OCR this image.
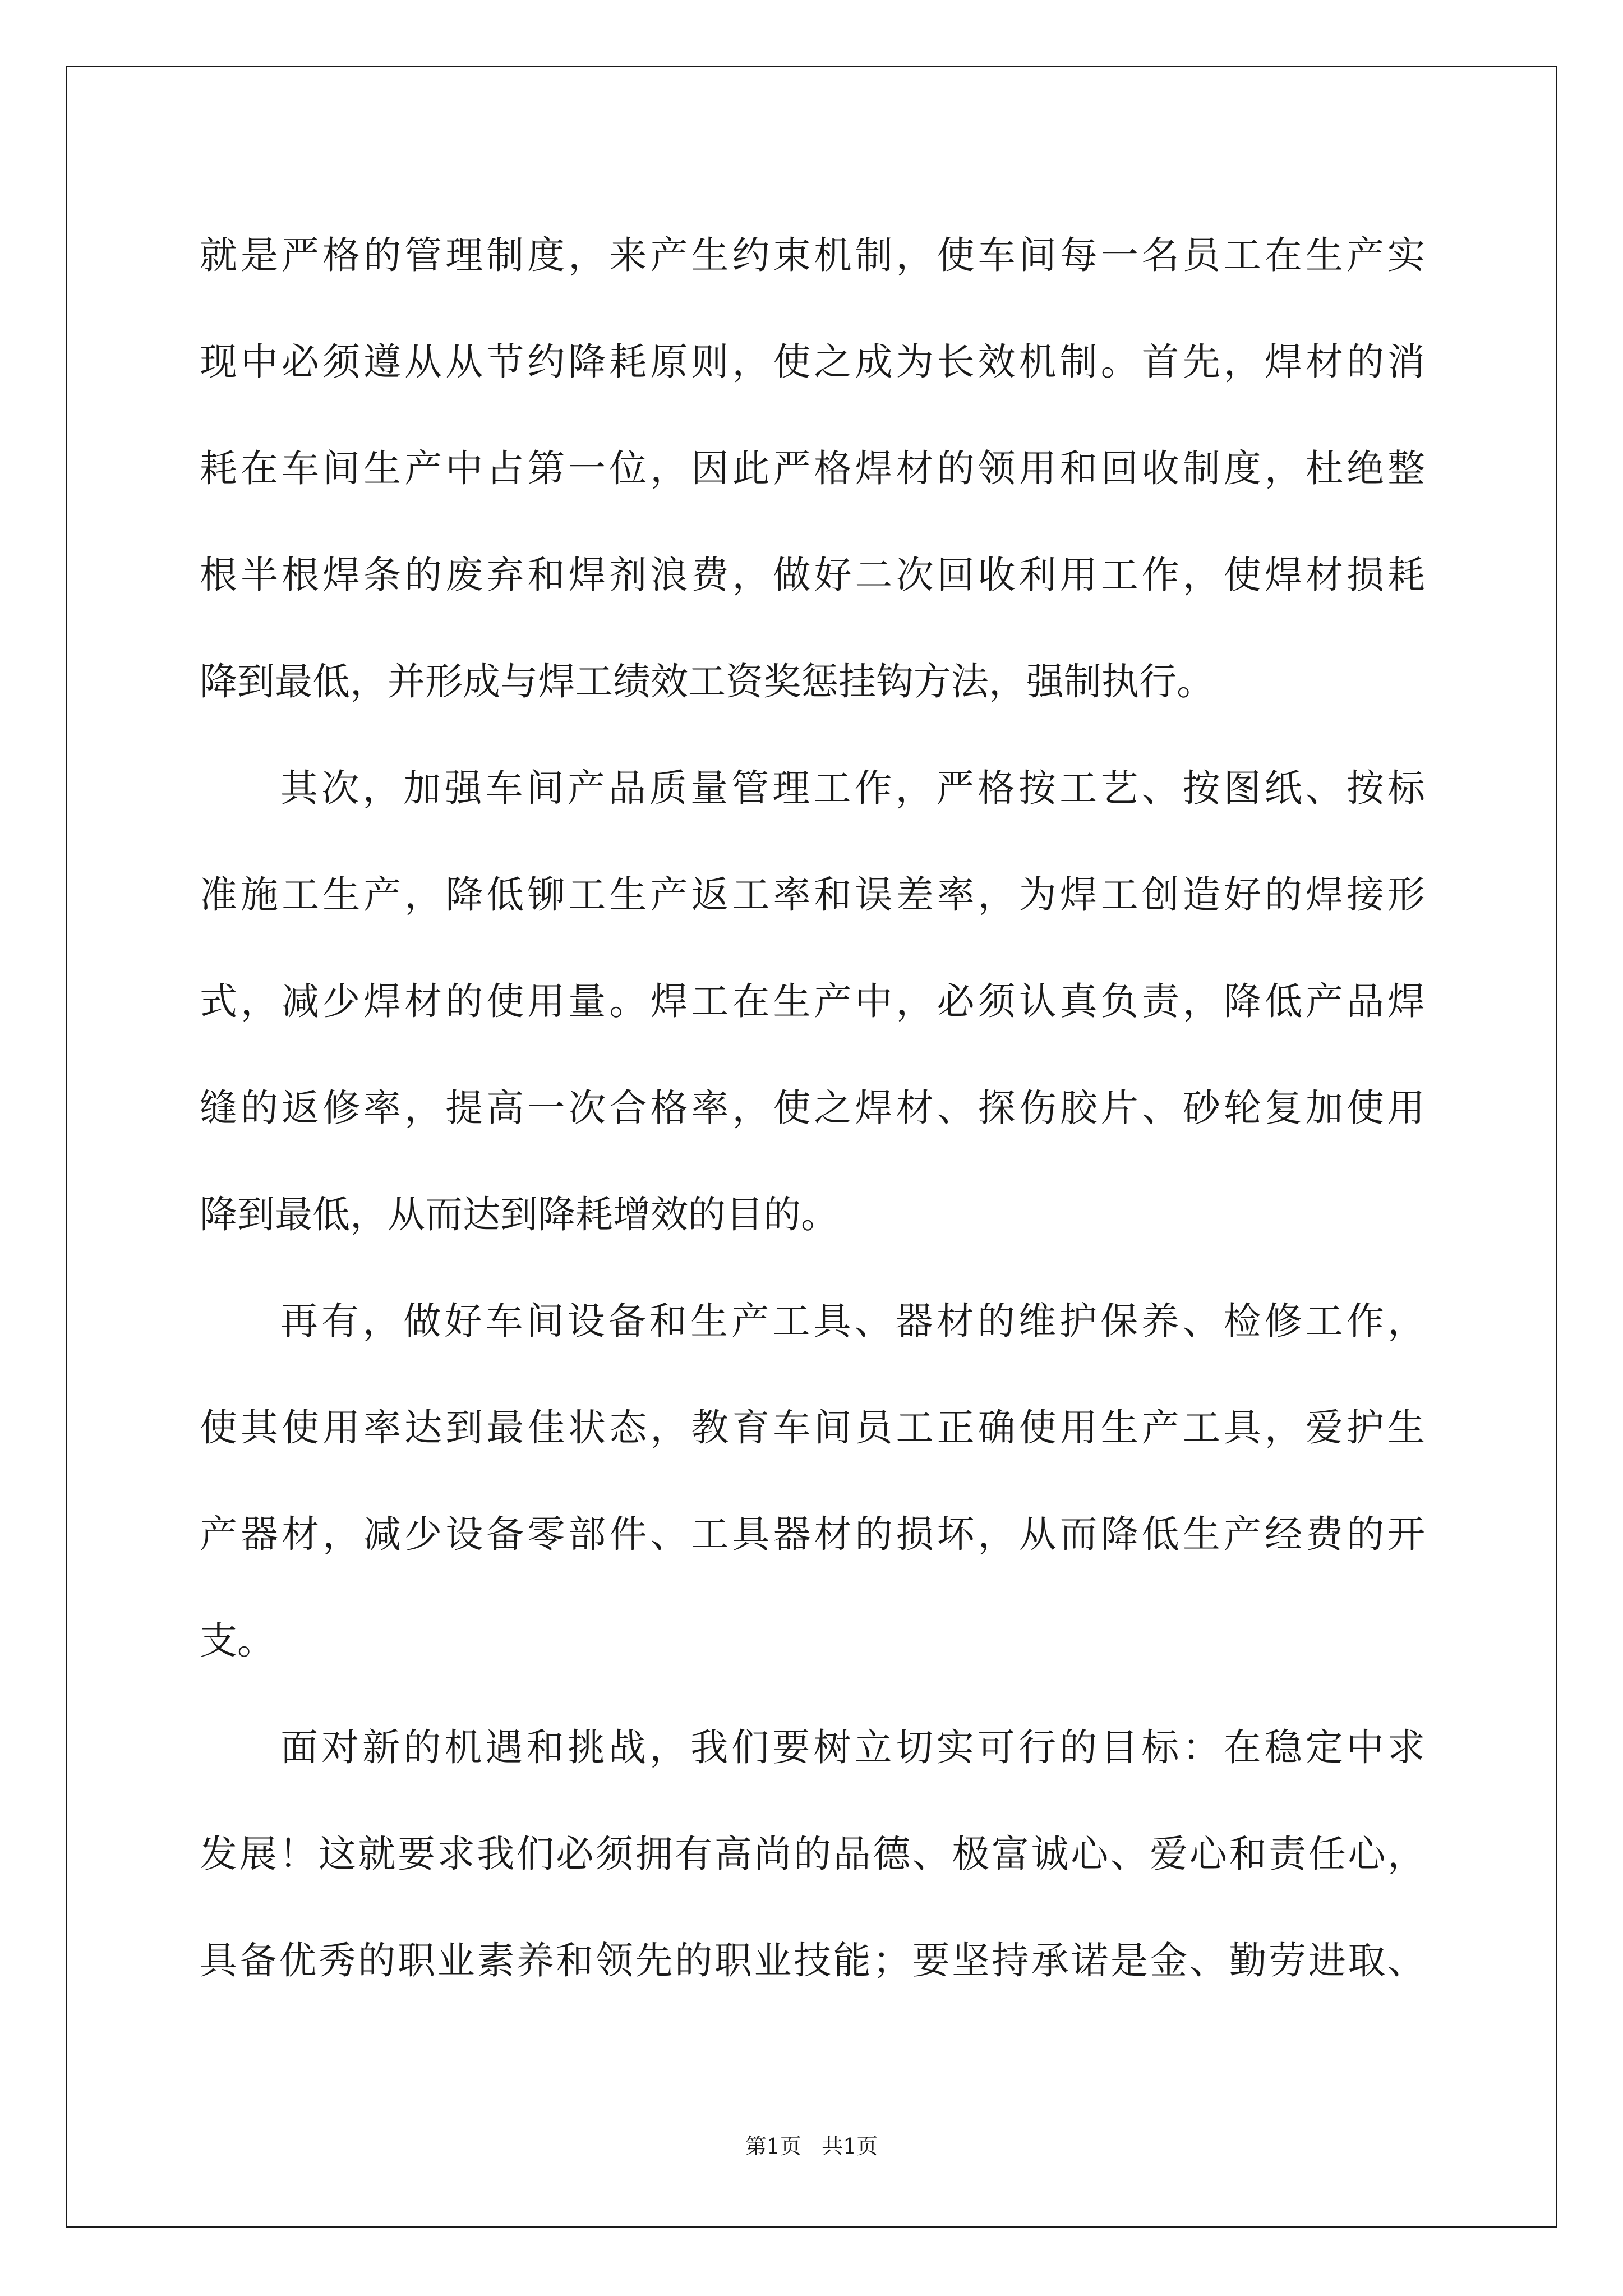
就是严格的管理制度，来产生约束机制，使车间每一名员工在生产实
现中必须遵从从节约降耗原则，使之成为长效机制。首先，焊材的消
耗在车间生产中占第一位，因此严格焊材的领用和回收制度，杜绝整
根半根焊条的废弃和焊剂浪费，做好二次回收利用工作，使焊材损耗
降到最低，并形成与焊工绩效工资奖惩挂钩方法，强制执行。
其次，加强车间产品质量管理工作，严格按工艺、按图纸、按标
准施工生产，降低铆工生产返工率和误差率，为焊工创造好的焊接形
式，减少焊材的使用量。焊工在生产中，必须认真负责，降低产品焊
缝的返修率，提高一次合格率，使之焊材、探伤胶片、砂轮复加使用
降到最低，从而达到降耗增效的目的。
再有，做好车间设备和生产工具、器材的维护保养、检修工作，
使其使用率达到最佳状态，教育车间员工正确使用生产工具，爱护生
产器材，减少设备零部件、工具器材的损坏，从而降低生产经费的开
支。
面对新的机遇和挑战，我们要树立切实可行的目标：在稳定中求
发展！这就要求我们必须拥有高尚的品德、极富诚心、爱心和责任心，
具备优秀的职业素养和领先的职业技能；要坚持承诺是金、勤劳进取、
第1页   共1页
